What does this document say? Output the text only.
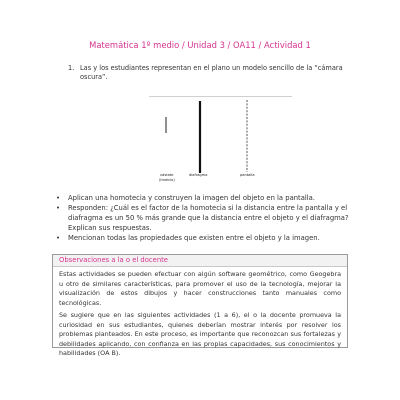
Matemática 1º medio / Unidad 3 / OA11 / Actividad 1
1. Las y los estudiantes representan en el plano un modelo sencillo de la “cámara oscura”.
vástate
(Imeiclo)
diafragma	pantalla
• Aplican una homotecia y construyen la imagen del objeto en la pantalla.
• Responden: ¿Cuál es el factor de la homotecia si la distancia entre la pantalla y el diafragma es un 50 % más grande que la distancia entre el objeto y el diafragma? Explican sus respuestas.
• Mencionan todas las propiedades que existen entre el objeto y la imagen.
Observaciones a la o el docente
Estas actividades se pueden efectuar con algún software geométrico, como Geogebra u otro de similares características, para promover el uso de la tecnología, mejorar la visualización de estos dibujos y hacer construcciones tanto manuales como tecnológicas.
Se sugiere que en las siguientes actividades (1 a 6), el o la docente promueva la curiosidad en sus estudiantes, quienes deberían mostrar interés por resolver los problemas planteados. En este proceso, es importante que reconozcan sus fortalezas y debilidades aplicando, con confianza en las propias capacidades, sus conocimientos y habilidades (OA B).
